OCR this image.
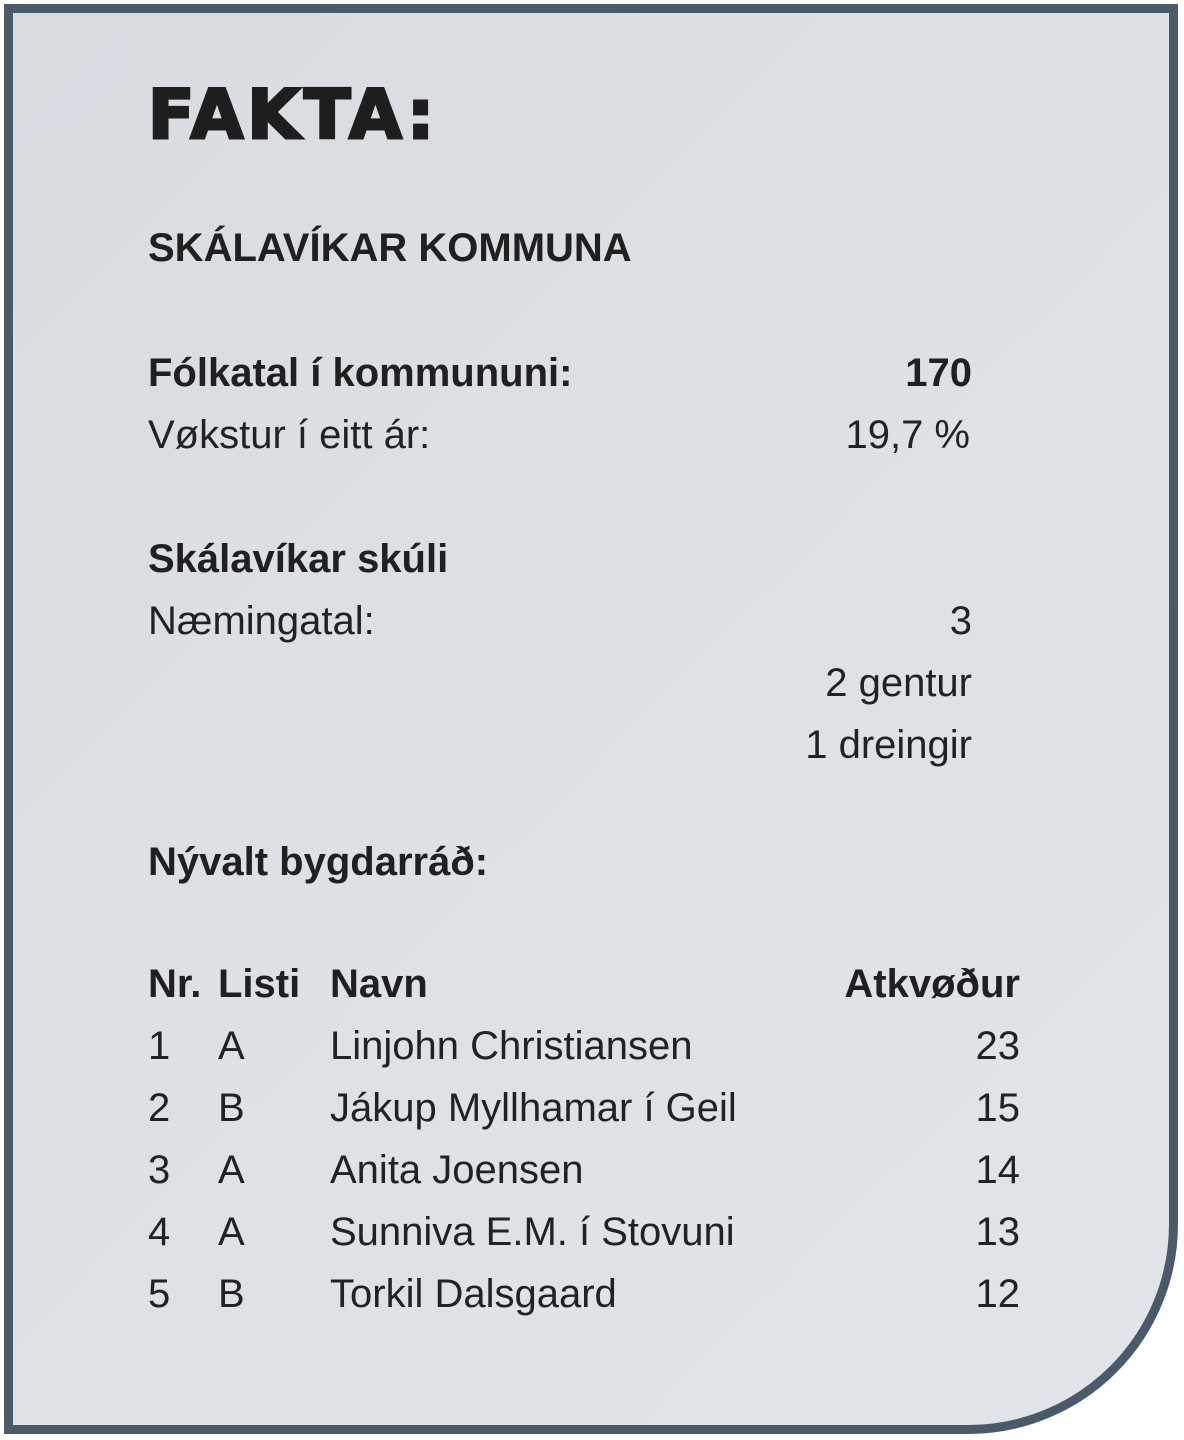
FAKTA:
SKÁLAVÍKAR KOMMUNA
Fólkatal í kommununi:	170
Vøkstur í eitt ár:	19,7 %
Skálavíkar skúli
Næmingatal:	3
2 gentur
1 dreingir
Nývalt bygdarráð:
Nr. Listi Navn	Atkvøður
1 A Linjohn Christiansen	23
2 B Jákup Myllhamar í Geil	15
3 A Anita Joensen	14
4 A Sunniva E.M. í Stovuni	13
5 B Torkil Dalsgaard	12
